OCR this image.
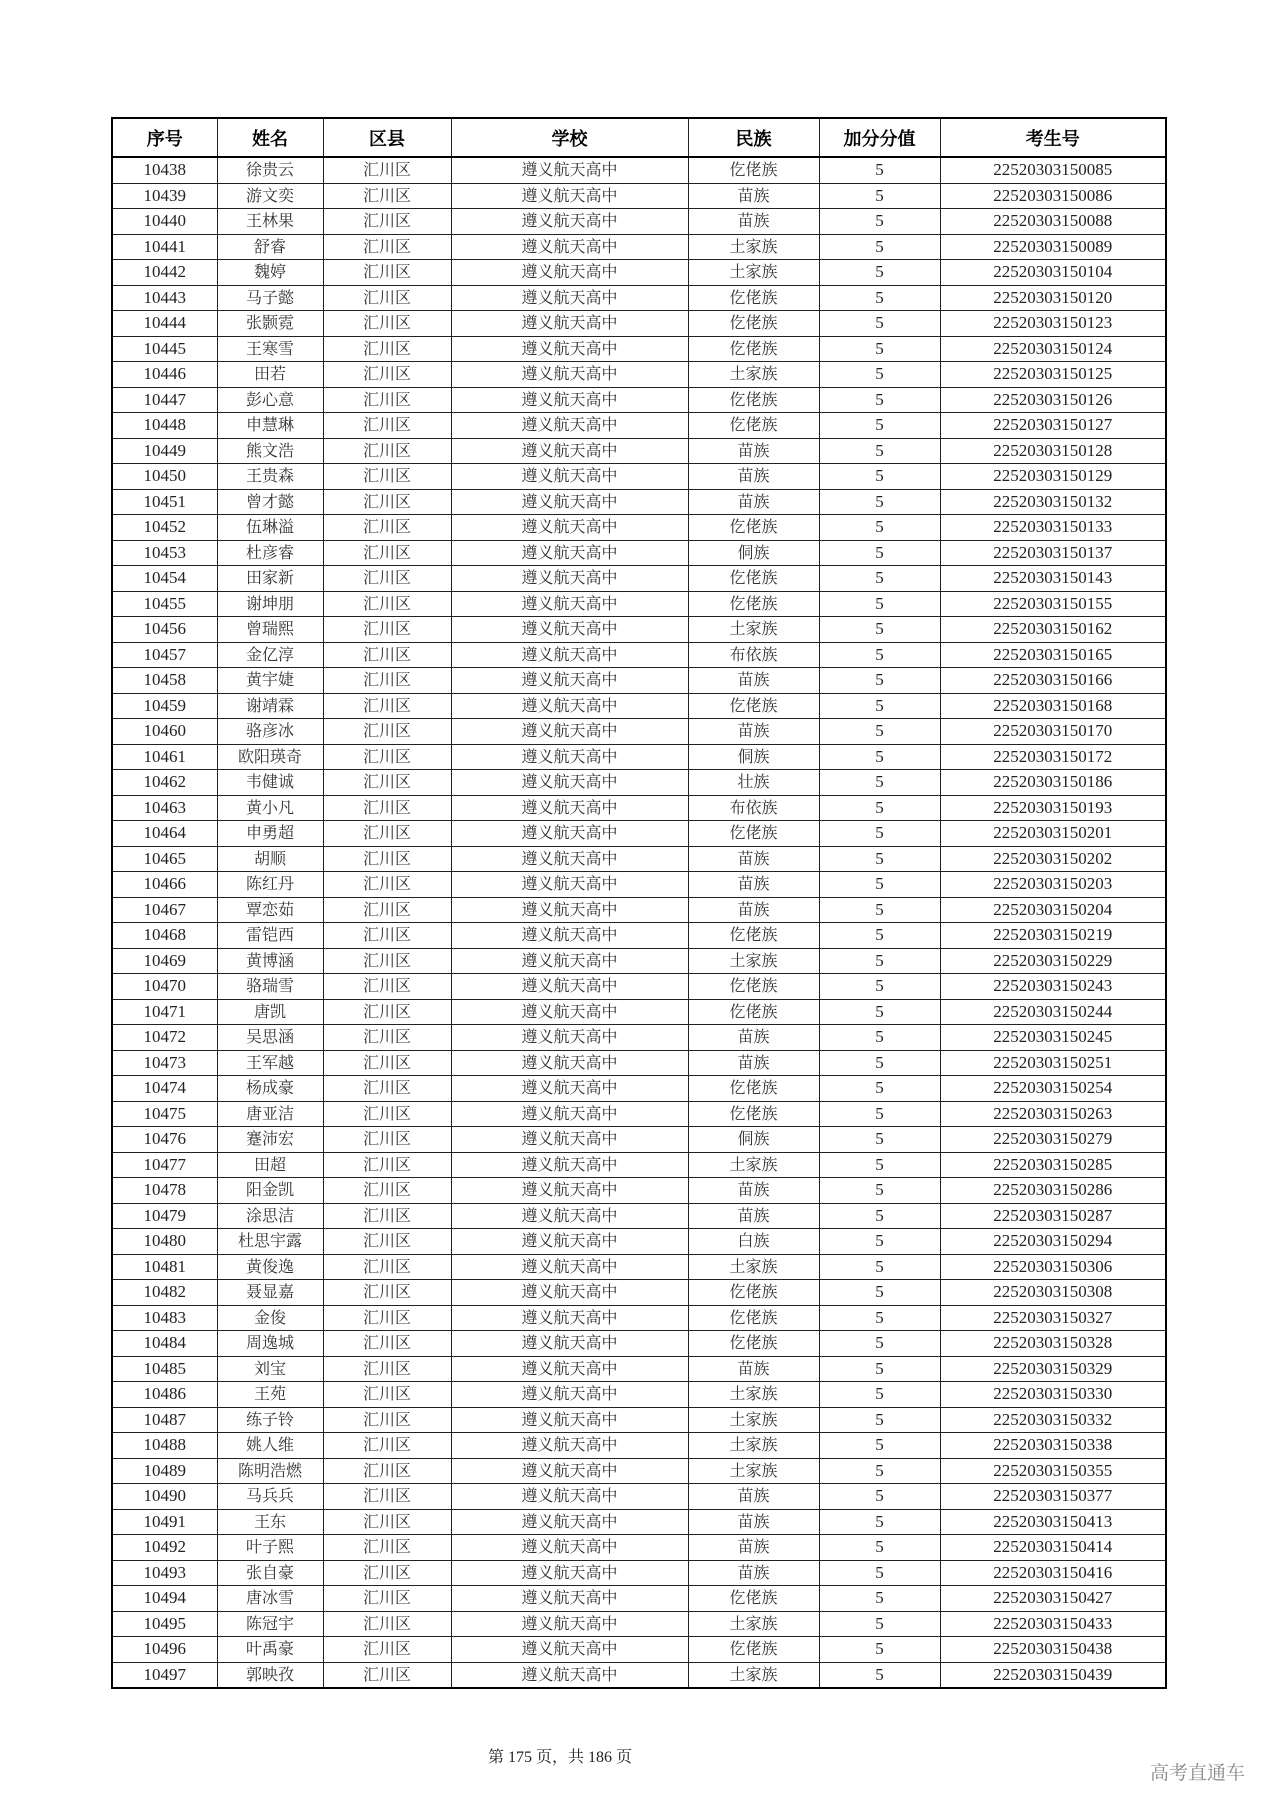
序号	姓名	区县	学校	民族	加分分值	考生号
10438	徐贵云	汇川区	遵义航天高中	仡佬族	5	22520303150085
10439	游文奕	汇川区	遵义航天高中	苗族	5	22520303150086
10440	王林果	汇川区	遵义航天高中	苗族	5	22520303150088
10441	舒睿	汇川区	遵义航天高中	土家族	5	22520303150089
10442	魏婷	汇川区	遵义航天高中	土家族	5	22520303150104
10443	马子懿	汇川区	遵义航天高中	仡佬族	5	22520303150120
10444	张颢霓	汇川区	遵义航天高中	仡佬族	5	22520303150123
10445	王寒雪	汇川区	遵义航天高中	仡佬族	5	22520303150124
10446	田若	汇川区	遵义航天高中	土家族	5	22520303150125
10447	彭心意	汇川区	遵义航天高中	仡佬族	5	22520303150126
10448	申慧琳	汇川区	遵义航天高中	仡佬族	5	22520303150127
10449	熊文浩	汇川区	遵义航天高中	苗族	5	22520303150128
10450	王贵森	汇川区	遵义航天高中	苗族	5	22520303150129
10451	曾才懿	汇川区	遵义航天高中	苗族	5	22520303150132
10452	伍琳溢	汇川区	遵义航天高中	仡佬族	5	22520303150133
10453	杜彦睿	汇川区	遵义航天高中	侗族	5	22520303150137
10454	田家新	汇川区	遵义航天高中	仡佬族	5	22520303150143
10455	谢坤朋	汇川区	遵义航天高中	仡佬族	5	22520303150155
10456	曾瑞熙	汇川区	遵义航天高中	土家族	5	22520303150162
10457	金亿淳	汇川区	遵义航天高中	布依族	5	22520303150165
10458	黄宇婕	汇川区	遵义航天高中	苗族	5	22520303150166
10459	谢靖霖	汇川区	遵义航天高中	仡佬族	5	22520303150168
10460	骆彦冰	汇川区	遵义航天高中	苗族	5	22520303150170
10461	欧阳瑛奇	汇川区	遵义航天高中	侗族	5	22520303150172
10462	韦健诚	汇川区	遵义航天高中	壮族	5	22520303150186
10463	黄小凡	汇川区	遵义航天高中	布依族	5	22520303150193
10464	申勇超	汇川区	遵义航天高中	仡佬族	5	22520303150201
10465	胡顺	汇川区	遵义航天高中	苗族	5	22520303150202
10466	陈红丹	汇川区	遵义航天高中	苗族	5	22520303150203
10467	覃恋茹	汇川区	遵义航天高中	苗族	5	22520303150204
10468	雷铠西	汇川区	遵义航天高中	仡佬族	5	22520303150219
10469	黄博涵	汇川区	遵义航天高中	土家族	5	22520303150229
10470	骆瑞雪	汇川区	遵义航天高中	仡佬族	5	22520303150243
10471	唐凯	汇川区	遵义航天高中	仡佬族	5	22520303150244
10472	吴思涵	汇川区	遵义航天高中	苗族	5	22520303150245
10473	王军越	汇川区	遵义航天高中	苗族	5	22520303150251
10474	杨成豪	汇川区	遵义航天高中	仡佬族	5	22520303150254
10475	唐亚洁	汇川区	遵义航天高中	仡佬族	5	22520303150263
10476	蹇沛宏	汇川区	遵义航天高中	侗族	5	22520303150279
10477	田超	汇川区	遵义航天高中	土家族	5	22520303150285
10478	阳金凯	汇川区	遵义航天高中	苗族	5	22520303150286
10479	涂思洁	汇川区	遵义航天高中	苗族	5	22520303150287
10480	杜思宇露	汇川区	遵义航天高中	白族	5	22520303150294
10481	黄俊逸	汇川区	遵义航天高中	土家族	5	22520303150306
10482	聂显嘉	汇川区	遵义航天高中	仡佬族	5	22520303150308
10483	金俊	汇川区	遵义航天高中	仡佬族	5	22520303150327
10484	周逸城	汇川区	遵义航天高中	仡佬族	5	22520303150328
10485	刘宝	汇川区	遵义航天高中	苗族	5	22520303150329
10486	王苑	汇川区	遵义航天高中	土家族	5	22520303150330
10487	练子铃	汇川区	遵义航天高中	土家族	5	22520303150332
10488	姚人维	汇川区	遵义航天高中	土家族	5	22520303150338
10489	陈明浩燃	汇川区	遵义航天高中	土家族	5	22520303150355
10490	马兵兵	汇川区	遵义航天高中	苗族	5	22520303150377
10491	王东	汇川区	遵义航天高中	苗族	5	22520303150413
10492	叶子熙	汇川区	遵义航天高中	苗族	5	22520303150414
10493	张自豪	汇川区	遵义航天高中	苗族	5	22520303150416
10494	唐冰雪	汇川区	遵义航天高中	仡佬族	5	22520303150427
10495	陈冠宇	汇川区	遵义航天高中	土家族	5	22520303150433
10496	叶禹豪	汇川区	遵义航天高中	仡佬族	5	22520303150438
10497	郭映孜	汇川区	遵义航天高中	土家族	5	22520303150439
第 175 页，共 186 页
高考直通车
